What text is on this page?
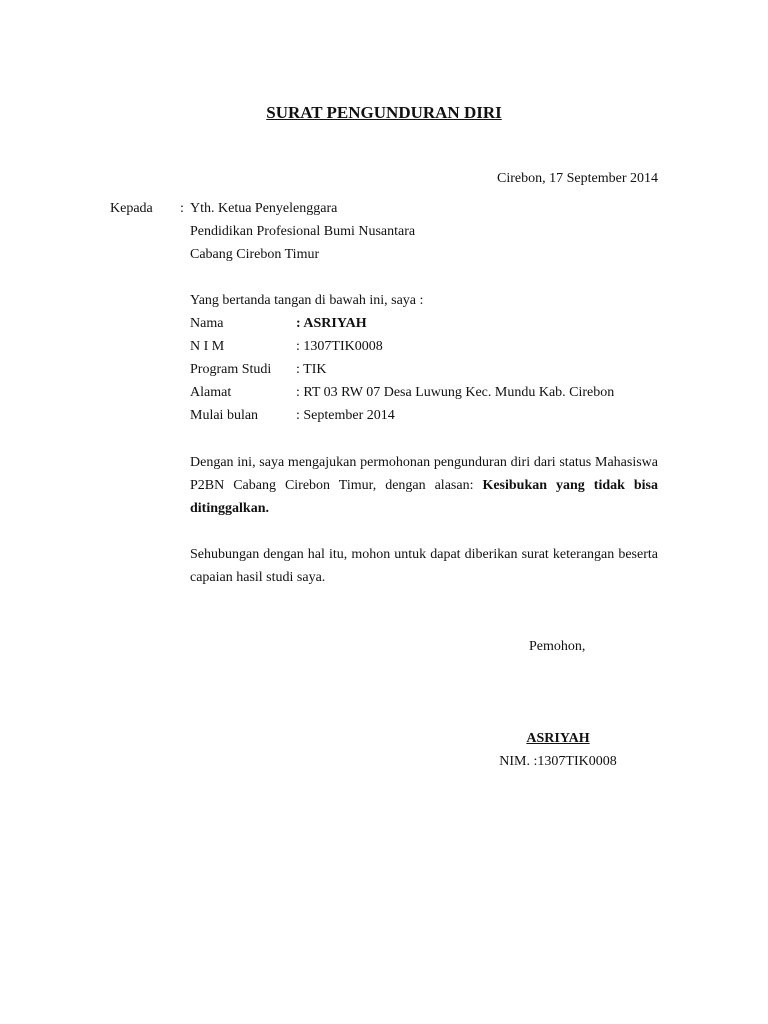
SURAT PENGUNDURAN DIRI
Cirebon, 17 September 2014
Kepada : Yth. Ketua Penyelenggara
Pendidikan Profesional Bumi Nusantara
Cabang Cirebon Timur
Yang bertanda tangan di bawah ini, saya :
Nama	: ASRIYAH
N I M	: 1307TIK0008
Program Studi : TIK
Alamat	: RT 03 RW 07 Desa Luwung Kec. Mundu Kab. Cirebon
Mulai bulan	: September 2014
Dengan ini, saya mengajukan permohonan pengunduran diri dari status Mahasiswa P2BN Cabang Cirebon Timur, dengan alasan: Kesibukan yang tidak bisa ditinggalkan.
Sehubungan dengan hal itu, mohon untuk dapat diberikan surat keterangan beserta capaian hasil studi saya.
Pemohon,
ASRIYAH
NIM. :1307TIK0008
